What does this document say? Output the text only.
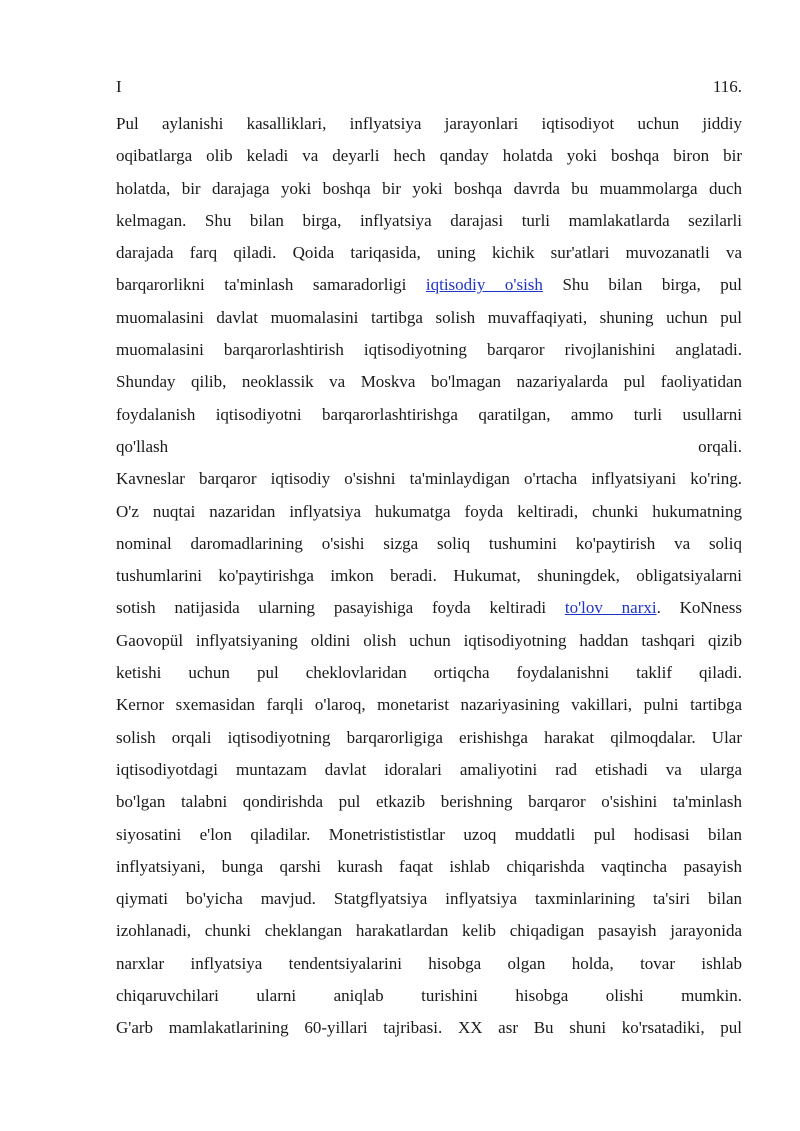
I	116.
Pul aylanishi kasalliklari, inflyatsiya jarayonlari iqtisodiyot uchun jiddiy
oqibatlarga olib keladi va deyarli hech qanday holatda yoki boshqa biron bir
holatda, bir darajaga yoki boshqa bir yoki boshqa davrda bu muammolarga duch
kelmagan. Shu bilan birga, inflyatsiya darajasi turli mamlakatlarda sezilarli
darajada farq qiladi. Qoida tariqasida, uning kichik sur'atlari muvozanatli va
barqarorlikni ta'minlash samaradorligi iqtisodiy o'sish Shu bilan birga, pul
muomalasini davlat muomalasini tartibga solish muvaffaqiyati, shuning uchun pul
muomalasini barqarorlashtirish iqtisodiyotning barqaror rivojlanishini anglatadi.
Shunday qilib, neoklassik va Moskva bo'lmagan nazariyalarda pul faoliyatidan
foydalanish iqtisodiyotni barqarorlashtirishga qaratilgan, ammo turli usullarni
qo'llash	orqali.
Kavneslar barqaror iqtisodiy o'sishni ta'minlaydigan o'rtacha inflyatsiyani ko'ring.
O'z nuqtai nazaridan inflyatsiya hukumatga foyda keltiradi, chunki hukumatning
nominal daromadlarining o'sishi sizga soliq tushumini ko'paytirish va soliq
tushumlarini ko'paytirishga imkon beradi. Hukumat, shuningdek, obligatsiyalarni
sotish natijasida ularning pasayishiga foyda keltiradi to'lov narxi. KoNness
Gaovopül inflyatsiyaning oldini olish uchun iqtisodiyotning haddan tashqari qizib
ketishi uchun pul cheklovlaridan ortiqcha foydalanishni taklif qiladi.
Kernor sxemasidan farqli o'laroq, monetarist nazariyasining vakillari, pulni tartibga
solish orqali iqtisodiyotning barqarorligiga erishishga harakat qilmoqdalar. Ular
iqtisodiyotdagi muntazam davlat idoralari amaliyotini rad etishadi va ularga
bo'lgan talabni qondirishda pul etkazib berishning barqaror o'sishini ta'minlash
siyosatini e'lon qiladilar. Monetristististlar uzoq muddatli pul hodisasi bilan
inflyatsiyani, bunga qarshi kurash faqat ishlab chiqarishda vaqtincha pasayish
qiymati bo'yicha mavjud. Statgflyatsiya inflyatsiya taxminlarining ta'siri bilan
izohlanadi, chunki cheklangan harakatlardan kelib chiqadigan pasayish jarayonida
narxlar inflyatsiya tendentsiyalarini hisobga olgan holda, tovar ishlab
chiqaruvchilari ularni aniqlab turishini hisobga olishi mumkin.
G'arb mamlakatlarining 60-yillari tajribasi. XX asr Bu shuni ko'rsatadiki, pul
